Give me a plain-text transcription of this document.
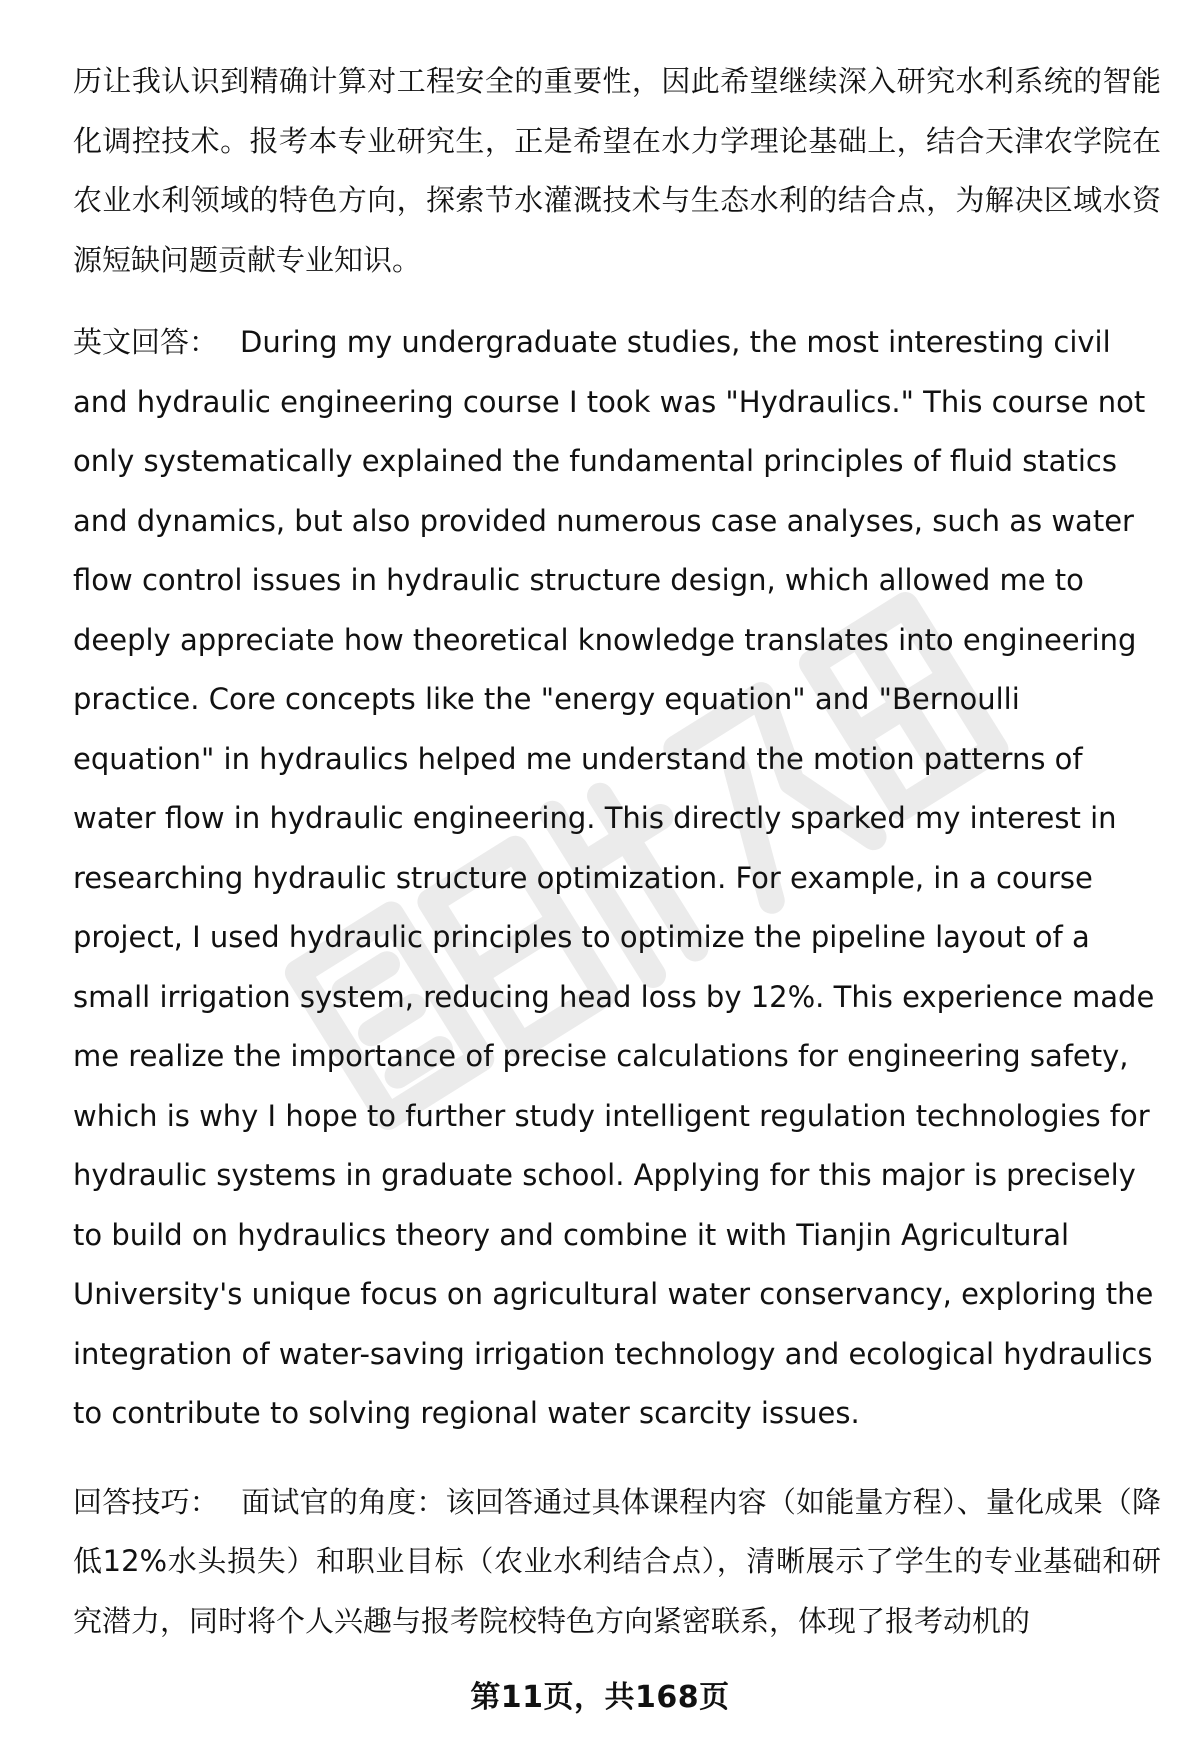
历让我认识到精确计算对工程安全的重要性，因此希望继续深入研究水利系统的智能化调控技术。报考本专业研究生，正是希望在水力学理论基础上，结合天津农学院在农业水利领域的特色方向，探索节水灌溉技术与生态水利的结合点，为解决区域水资源短缺问题贡献专业知识。

英文回答： During my undergraduate studies, the most interesting civil and hydraulic engineering course I took was "Hydraulics." This course not only systematically explained the fundamental principles of fluid statics and dynamics, but also provided numerous case analyses, such as water flow control issues in hydraulic structure design, which allowed me to deeply appreciate how theoretical knowledge translates into engineering practice. Core concepts like the "energy equation" and "Bernoulli equation" in hydraulics helped me understand the motion patterns of water flow in hydraulic engineering. This directly sparked my interest in researching hydraulic structure optimization. For example, in a course project, I used hydraulic principles to optimize the pipeline layout of a small irrigation system, reducing head loss by 12%. This experience made me realize the importance of precise calculations for engineering safety, which is why I hope to further study intelligent regulation technologies for hydraulic systems in graduate school. Applying for this major is precisely to build on hydraulics theory and combine it with Tianjin Agricultural University's unique focus on agricultural water conservancy, exploring the integration of water-saving irrigation technology and ecological hydraulics to contribute to solving regional water scarcity issues.

回答技巧： 面试官的角度：该回答通过具体课程内容（如能量方程）、量化成果（降低12%水头损失）和职业目标（农业水利结合点），清晰展示了学生的专业基础和研究潜力，同时将个人兴趣与报考院校特色方向紧密联系，体现了报考动机的

第11页，共168页
